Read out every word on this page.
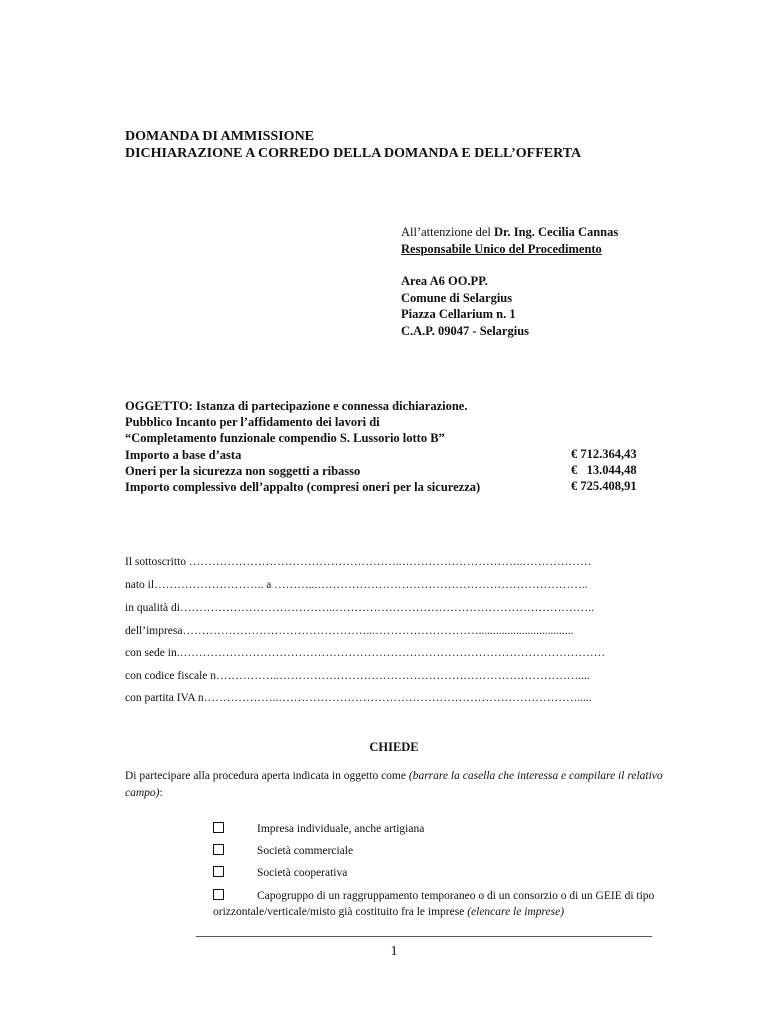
DOMANDA DI AMMISSIONE
DICHIARAZIONE A CORREDO DELLA DOMANDA E DELL’OFFERTA
All’attenzione del Dr. Ing. Cecilia Cannas
Responsabile Unico del Procedimento
Area A6 OO.PP.
Comune di Selargius
Piazza Cellarium n. 1
C.A.P. 09047 - Selargius
OGGETTO: Istanza di partecipazione e connessa dichiarazione.
Pubblico Incanto per l’affidamento dei lavori di
“Completamento funzionale compendio S. Lussorio lotto B”
Importo a base d’asta
Oneri per la sicurezza non soggetti a ribasso
Importo complessivo dell’appalto (compresi oneri per la sicurezza)
€ 712.364,43
€   13.044,48
€ 725.408,91
Il sottoscritto ………………………………………………..…………………………..………………
nato il……………………….. a ………...……………………………………………………………..
in qualità di…………………………………..…………………………………………………………..
dell’impresa…………………………………………...……………………….................................
con sede in.…………………………………………………………………………………………………
con codice fiscale n……………..……………………………………………………………………....
con partita IVA n………………..…………………………………………………………………….....
CHIEDE
Di partecipare alla procedura aperta indicata in oggetto come (barrare la casella che interessa e compilare il relativo campo):
Impresa individuale, anche artigiana
Società commerciale
Società cooperativa
Capogruppo di un raggruppamento temporaneo o di un consorzio o di un GEIE di tipo orizzontale/verticale/misto già costituito fra le imprese (elencare le imprese)
1
